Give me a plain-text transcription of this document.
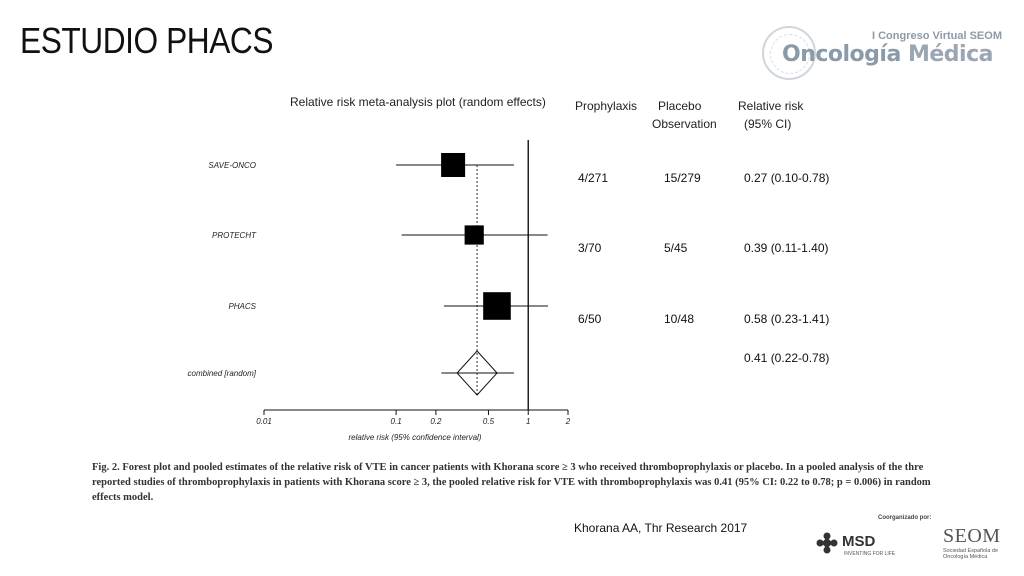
ESTUDIO PHACS	I Congreso Virtual SEOM
Oncología Médica
Relative risk meta-analysis plot (random effects) Prophylaxis Placebo
Observation
Relative risk
(95% CI)
0.01	0.1	0.2	0.5	1	2
SAVE-ONCO
4/271	15/279	0.27 (0.10-0.78)
PROTECHT
3/70	5/45	0.39 (0.11-1.40)
PHACS
6/50	10/48	0.58 (0.23-1.41)
combined [random]
0.41 (0.22-0.78)
relative risk (95% confidence interval)
Fig. 2. Forest plot and pooled estimates of the relative risk of VTE in cancer patients with Khorana score ≥ 3 who received thromboprophylaxis or placebo. In a pooled analysis of the thre reported studies of thromboprophylaxis in patients with Khorana score ≥ 3, the pooled relative risk for VTE with thromboprophylaxis was 0.41 (95% CI: 0.22 to 0.78; p = 0.006) in random effects model.
Khorana AA, Thr Research 2017
Coorganizado por:
MSD
INVENTING FOR LIFE
SEOM
Sociedad Española de Oncología Médica
